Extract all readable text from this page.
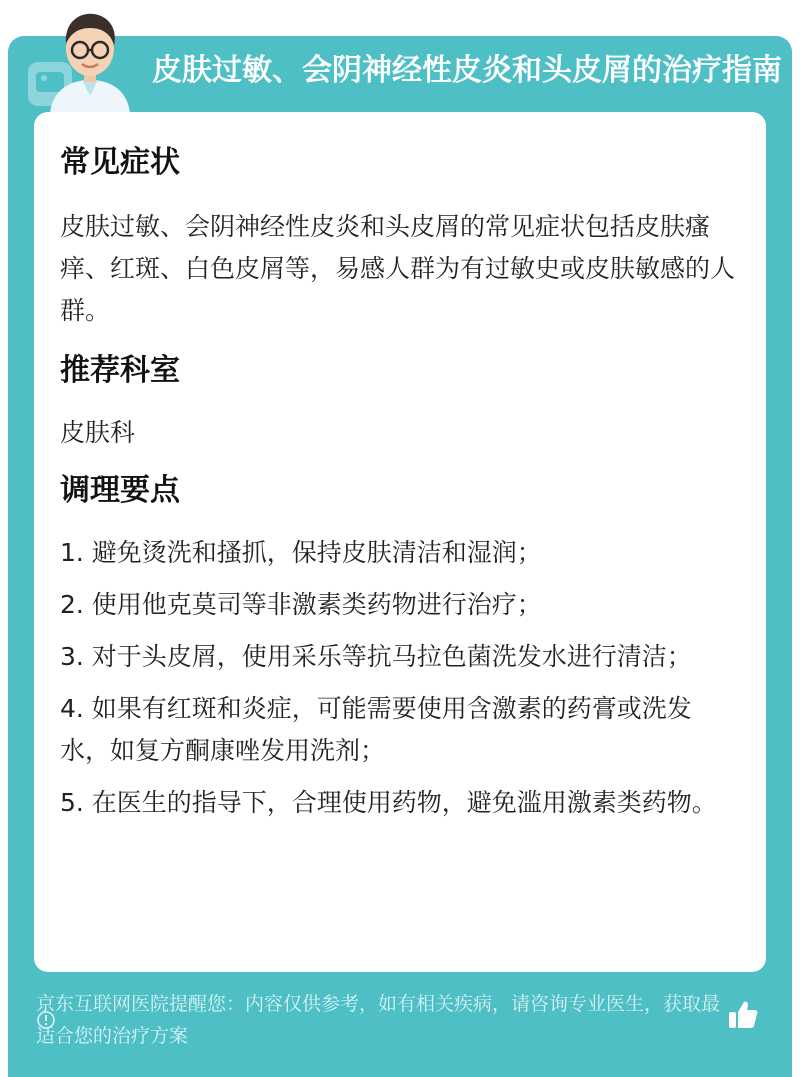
皮肤过敏、会阴神经性皮炎和头皮屑的治疗指南
常见症状

皮肤过敏、会阴神经性皮炎和头皮屑的常见症状包括皮肤瘙痒、红斑、白色皮屑等，易感人群为有过敏史或皮肤敏感的人群。

推荐科室

皮肤科

调理要点
1. 避免烫洗和搔抓，保持皮肤清洁和湿润；
2. 使用他克莫司等非激素类药物进行治疗；
3. 对于头皮屑，使用采乐等抗马拉色菌洗发水进行清洁；
4. 如果有红斑和炎症，可能需要使用含激素的药膏或洗发水，如复方酮康唑发用洗剂；
5. 在医生的指导下，合理使用药物，避免滥用激素类药物。
京东互联网医院提醒您：内容仅供参考，如有相关疾病，请咨询专业医生，获取最适合您的治疗方案
